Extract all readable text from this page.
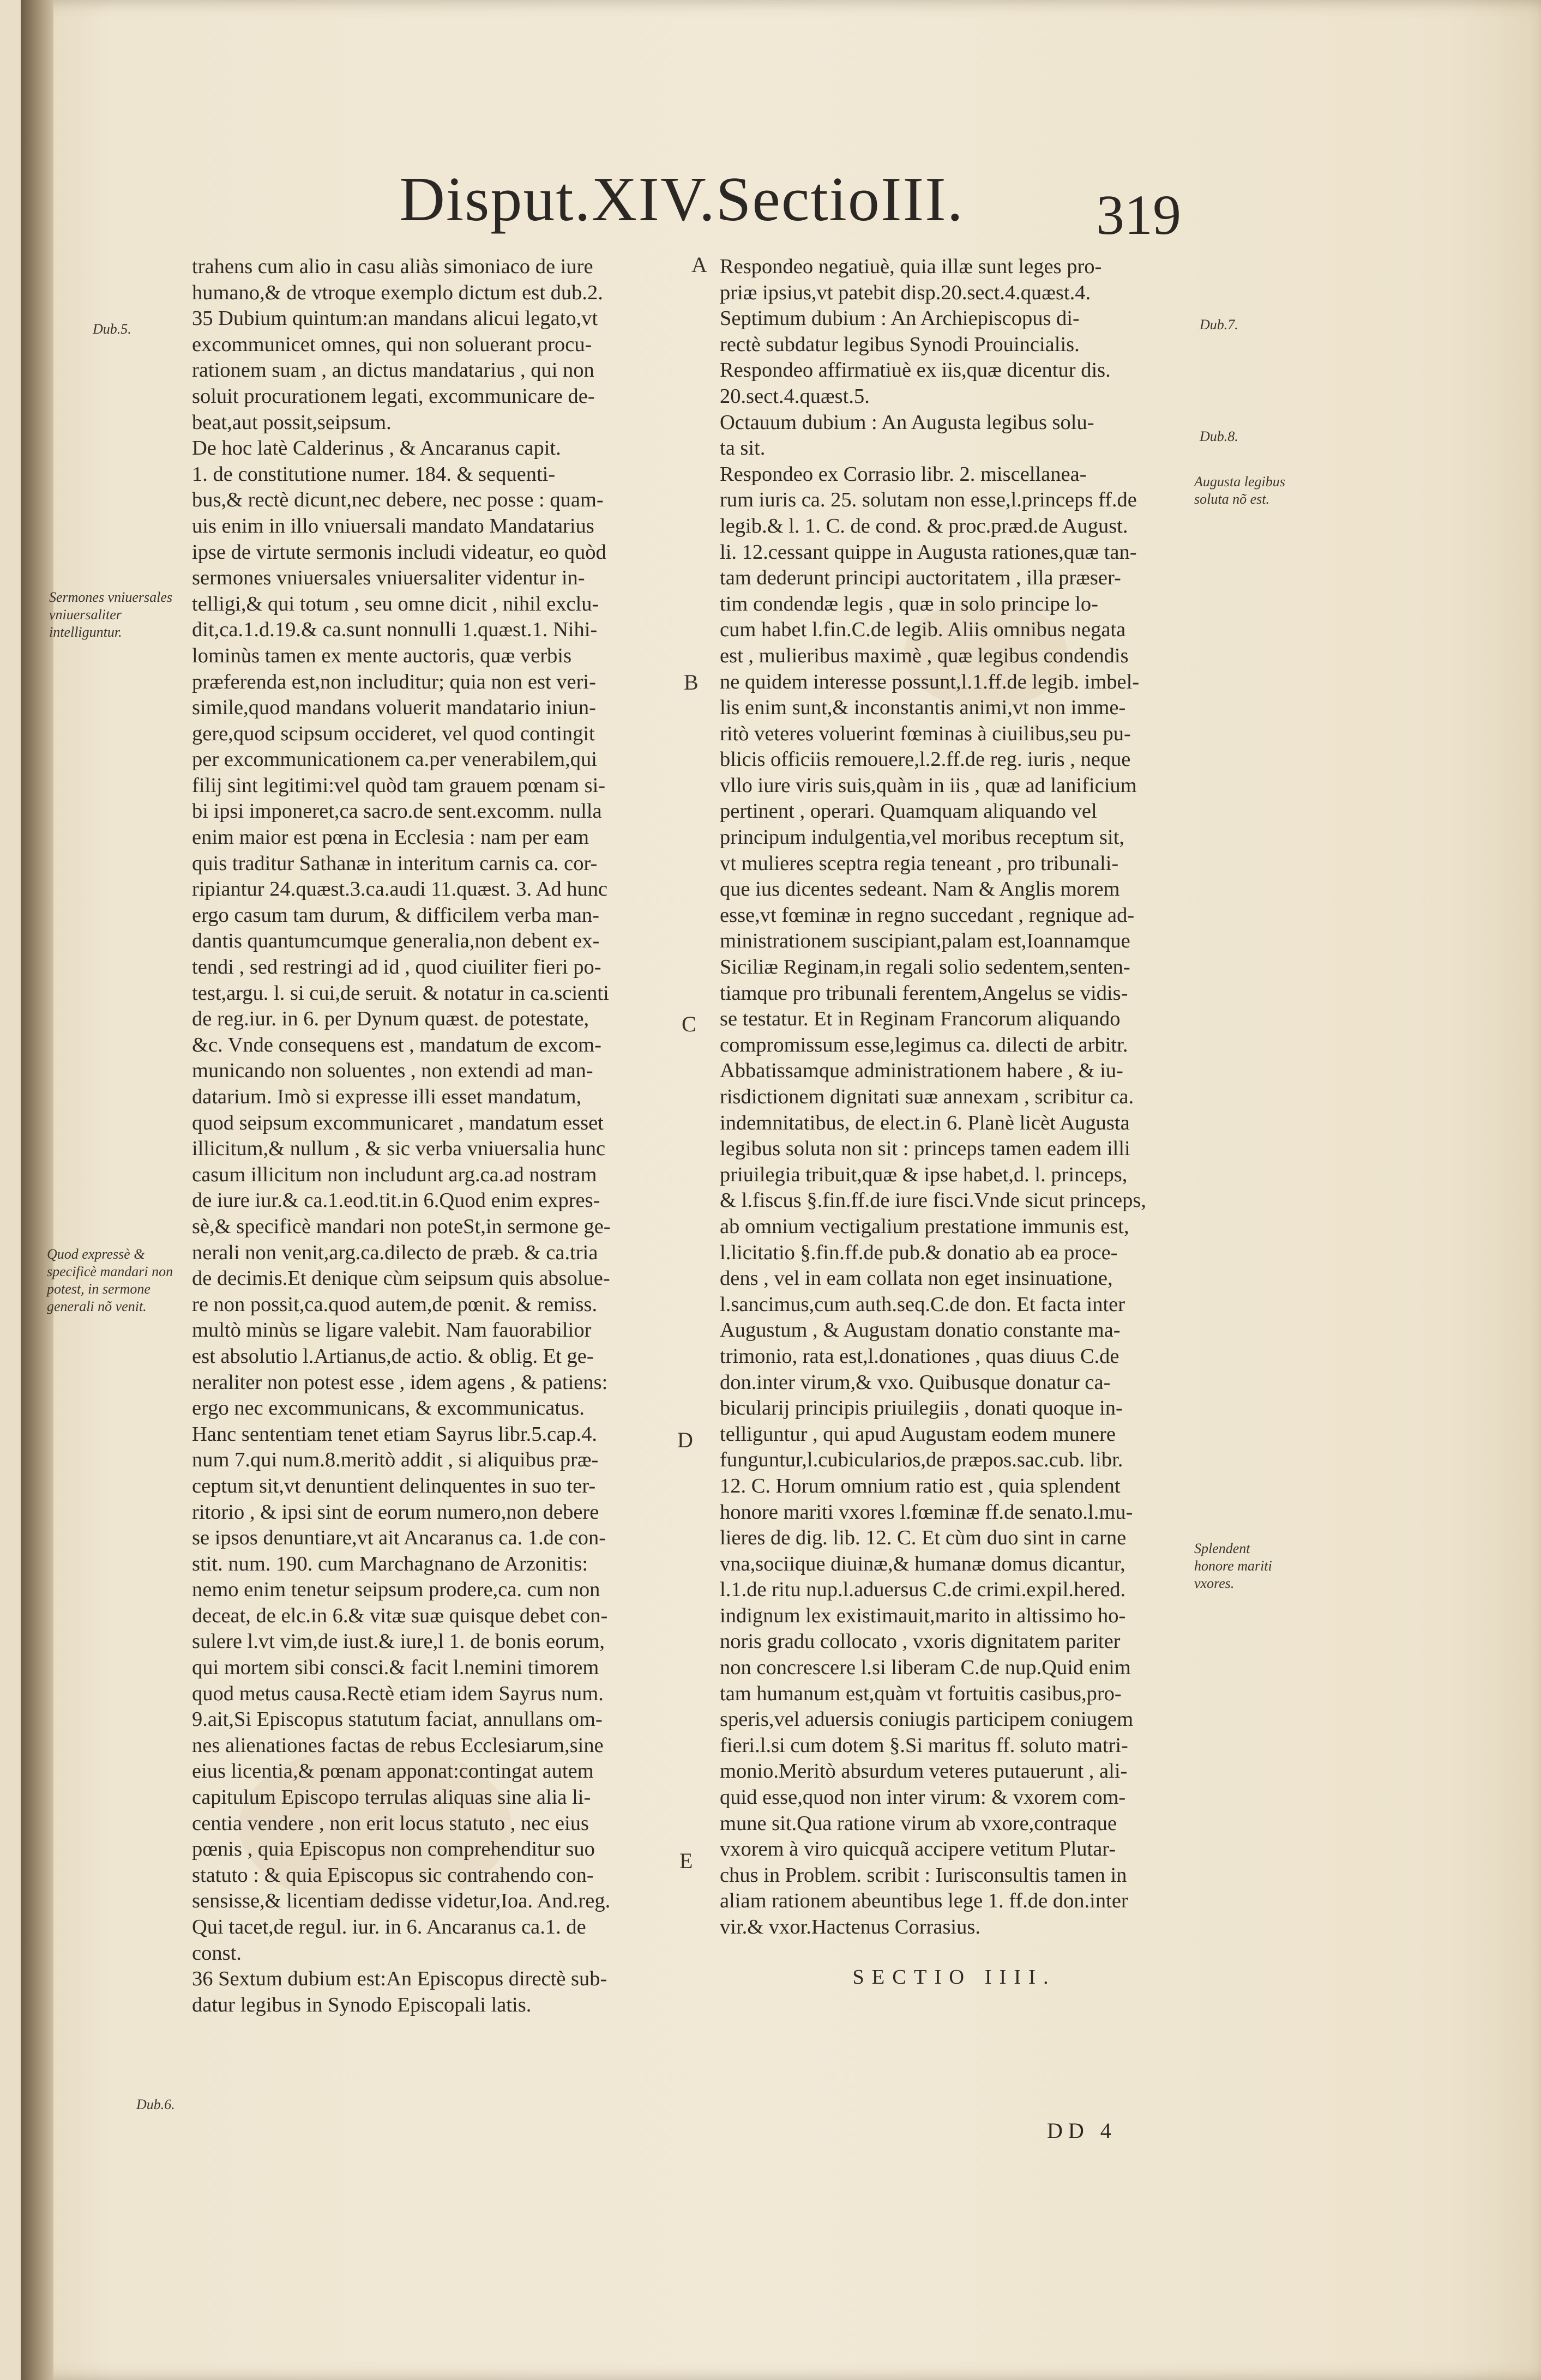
Disput.XIV.SectioIII.	319
trahens cum alio in casu aliàs simoniaco de iure
humano,& de vtroque exemplo dictum est dub.2.
35 Dubium quintum:an mandans alicui legato,vt
excommunicet omnes, qui non soluerant procu-
rationem suam , an dictus mandatarius , qui non
soluit procurationem legati, excommunicare de-
beat,aut possit,seipsum.
De hoc latè Calderinus , & Ancaranus capit.
1. de constitutione numer. 184. & sequenti-
bus,& rectè dicunt,nec debere, nec posse : quam-
uis enim in illo vniuersali mandato Mandatarius
ipse de virtute sermonis includi videatur, eo quòd
sermones vniuersales vniuersaliter videntur in-
telligi,& qui totum , seu omne dicit , nihil exclu-
dit,ca.1.d.19.& ca.sunt nonnulli 1.quæst.1. Nihi-
lominùs tamen ex mente auctoris, quæ verbis
præferenda est,non includitur; quia non est veri-
simile,quod mandans voluerit mandatario iniun-
gere,quod scipsum occideret, vel quod contingit
per excommunicationem ca.per venerabilem,qui
filij sint legitimi:vel quòd tam grauem pœnam si-
bi ipsi imponeret,ca sacro.de sent.excomm. nulla
enim maior est pœna in Ecclesia : nam per eam
quis traditur Sathanæ in interitum carnis ca. cor-
ripiantur 24.quæst.3.ca.audi 11.quæst. 3. Ad hunc
ergo casum tam durum, & difficilem verba man-
dantis quantumcumque generalia,non debent ex-
tendi , sed restringi ad id , quod ciuiliter fieri po-
test,argu. l. si cui,de seruit. & notatur in ca.scienti
de reg.iur. in 6. per Dynum quæst. de potestate,
&c. Vnde consequens est , mandatum de excom-
municando non soluentes , non extendi ad man-
datarium. Imò si expresse illi esset mandatum,
quod seipsum excommunicaret , mandatum esset
illicitum,& nullum , & sic verba vniuersalia hunc
casum illicitum non includunt arg.ca.ad nostram
de iure iur.& ca.1.eod.tit.in 6.Quod enim expres-
sè,& specificè mandari non poteSt,in sermone ge-
nerali non venit,arg.ca.dilecto de præb. & ca.tria
de decimis.Et denique cùm seipsum quis absolue-
re non possit,ca.quod autem,de pœnit. & remiss.
multò minùs se ligare valebit. Nam fauorabilior
est absolutio l.Artianus,de actio. & oblig. Et ge-
neraliter non potest esse , idem agens , & patiens:
ergo nec excommunicans, & excommunicatus.
Hanc sententiam tenet etiam Sayrus libr.5.cap.4.
num 7.qui num.8.meritò addit , si aliquibus præ-
ceptum sit,vt denuntient delinquentes in suo ter-
ritorio , & ipsi sint de eorum numero,non debere
se ipsos denuntiare,vt ait Ancaranus ca. 1.de con-
stit. num. 190. cum Marchagnano de Arzonitis:
nemo enim tenetur seipsum prodere,ca. cum non
deceat, de elc.in 6.& vitæ suæ quisque debet con-
sulere l.vt vim,de iust.& iure,l 1. de bonis eorum,
qui mortem sibi consci.& facit l.nemini timorem
quod metus causa.Rectè etiam idem Sayrus num.
9.ait,Si Episcopus statutum faciat, annullans om-
nes alienationes factas de rebus Ecclesiarum,sine
eius licentia,& pœnam apponat:contingat autem
capitulum Episcopo terrulas aliquas sine alia li-
centia vendere , non erit locus statuto , nec eius
pœnis , quia Episcopus non comprehenditur suo
statuto : & quia Episcopus sic contrahendo con-
sensisse,& licentiam dedisse videtur,Ioa. And.reg.
Qui tacet,de regul. iur. in 6. Ancaranus ca.1. de
const.
36 Sextum dubium est:An Episcopus directè sub-
datur legibus in Synodo Episcopali latis.
Respondeo negatiuè, quia illæ sunt leges pro-
priæ ipsius,vt patebit disp.20.sect.4.quæst.4.
Septimum dubium : An Archiepiscopus di-
rectè subdatur legibus Synodi Prouincialis.
Respondeo affirmatiuè ex iis,quæ dicentur dis.
20.sect.4.quæst.5.
Octauum dubium : An Augusta legibus solu-
ta sit.
Respondeo ex Corrasio libr. 2. miscellanea-
rum iuris ca. 25. solutam non esse,l.princeps ff.de
legib.& l. 1. C. de cond. & proc.præd.de August.
li. 12.cessant quippe in Augusta rationes,quæ tan-
tam dederunt principi auctoritatem , illa præser-
tim condendæ legis , quæ in solo principe lo-
cum habet l.fin.C.de legib. Aliis omnibus negata
est , mulieribus maximè , quæ legibus condendis
ne quidem interesse possunt,l.1.ff.de legib. imbel-
lis enim sunt,& inconstantis animi,vt non imme-
ritò veteres voluerint fœminas à ciuilibus,seu pu-
blicis officiis remouere,l.2.ff.de reg. iuris , neque
vllo iure viris suis,quàm in iis , quæ ad lanificium
pertinent , operari. Quamquam aliquando vel
principum indulgentia,vel moribus receptum sit,
vt mulieres sceptra regia teneant , pro tribunali-
que ius dicentes sedeant. Nam & Anglis morem
esse,vt fœminæ in regno succedant , regnique ad-
ministrationem suscipiant,palam est,Ioannamque
Siciliæ Reginam,in regali solio sedentem,senten-
tiamque pro tribunali ferentem,Angelus se vidis-
se testatur. Et in Reginam Francorum aliquando
compromissum esse,legimus ca. dilecti de arbitr.
Abbatissamque administrationem habere , & iu-
risdictionem dignitati suæ annexam , scribitur ca.
indemnitatibus, de elect.in 6. Planè licèt Augusta
legibus soluta non sit : princeps tamen eadem illi
priuilegia tribuit,quæ & ipse habet,d. l. princeps,
& l.fiscus §.fin.ff.de iure fisci.Vnde sicut princeps,
ab omnium vectigalium prestatione immunis est,
l.licitatio §.fin.ff.de pub.& donatio ab ea proce-
dens , vel in eam collata non eget insinuatione,
l.sancimus,cum auth.seq.C.de don. Et facta inter
Augustum , & Augustam donatio constante ma-
trimonio, rata est,l.donationes , quas diuus C.de
don.inter virum,& vxo. Quibusque donatur ca-
bicularij principis priuilegiis , donati quoque in-
telliguntur , qui apud Augustam eodem munere
funguntur,l.cubicularios,de præpos.sac.cub. libr.
12. C. Horum omnium ratio est , quia splendent
honore mariti vxores l.fœminæ ff.de senato.l.mu-
lieres de dig. lib. 12. C. Et cùm duo sint in carne
vna,sociique diuinæ,& humanæ domus dicantur,
l.1.de ritu nup.l.aduersus C.de crimi.expil.hered.
indignum lex existimauit,marito in altissimo ho-
noris gradu collocato , vxoris dignitatem pariter
non concrescere l.si liberam C.de nup.Quid enim
tam humanum est,quàm vt fortuitis casibus,pro-
speris,vel aduersis coniugis participem coniugem
fieri.l.si cum dotem §.Si maritus ff. soluto matri-
monio.Meritò absurdum veteres putauerunt , ali-
quid esse,quod non inter virum: & vxorem com-
mune sit.Qua ratione virum ab vxore,contraque
vxorem à viro quicquã accipere vetitum Plutar-
chus in Problem. scribit : Iurisconsultis tamen in
aliam rationem abeuntibus lege 1. ff.de don.inter
vir.& vxor.Hactenus Corrasius.
SECTIO IIII.
DD 4
A
B
C
D
E
Dub.5.
Sermones vniuersales vniuersaliter intelliguntur.
Quod expressè & specificè mandari non potest, in sermone generali nõ venit.
Dub.6.
Dub.7.
Dub.8.
Augusta legibus soluta nõ est.
Splendent honore mariti vxores.
